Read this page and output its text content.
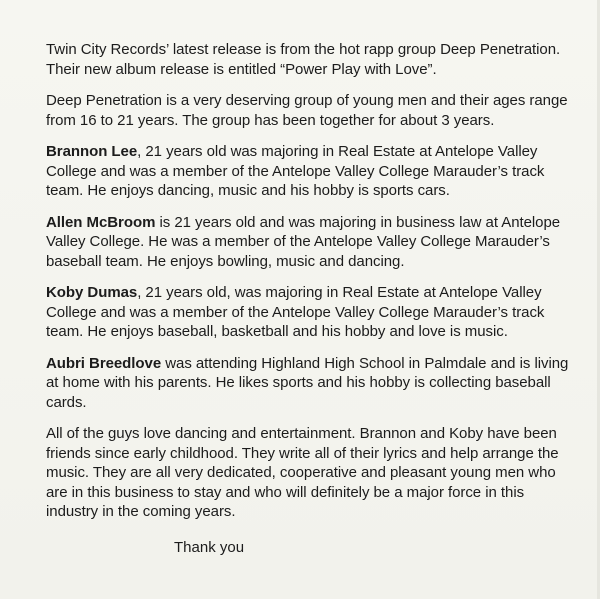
Twin City Records’ latest release is from the hot rapp group Deep Penetration. Their new album release is entitled “Power Play with Love”.

Deep Penetration is a very deserving group of young men and their ages range from 16 to 21 years. The group has been together for about 3 years.

Brannon Lee, 21 years old was majoring in Real Estate at Antelope Valley College and was a member of the Antelope Valley College Marauder’s track team. He enjoys dancing, music and his hobby is sports cars.

Allen McBroom is 21 years old and was majoring in business law at Antelope Valley College. He was a member of the Antelope Valley College Marauder’s baseball team. He enjoys bowling, music and dancing.

Koby Dumas, 21 years old, was majoring in Real Estate at Antelope Valley College and was a member of the Antelope Valley College Marauder’s track team. He enjoys baseball, basketball and his hobby and love is music.

Aubri Breedlove was attending Highland High School in Palmdale and is living at home with his parents. He likes sports and his hobby is collecting baseball cards.

All of the guys love dancing and entertainment. Brannon and Koby have been friends since early childhood. They write all of their lyrics and help arrange the music. They are all very dedicated, cooperative and pleasant young men who are in this business to stay and who will definitely be a major force in this industry in the coming years.

Thank you
